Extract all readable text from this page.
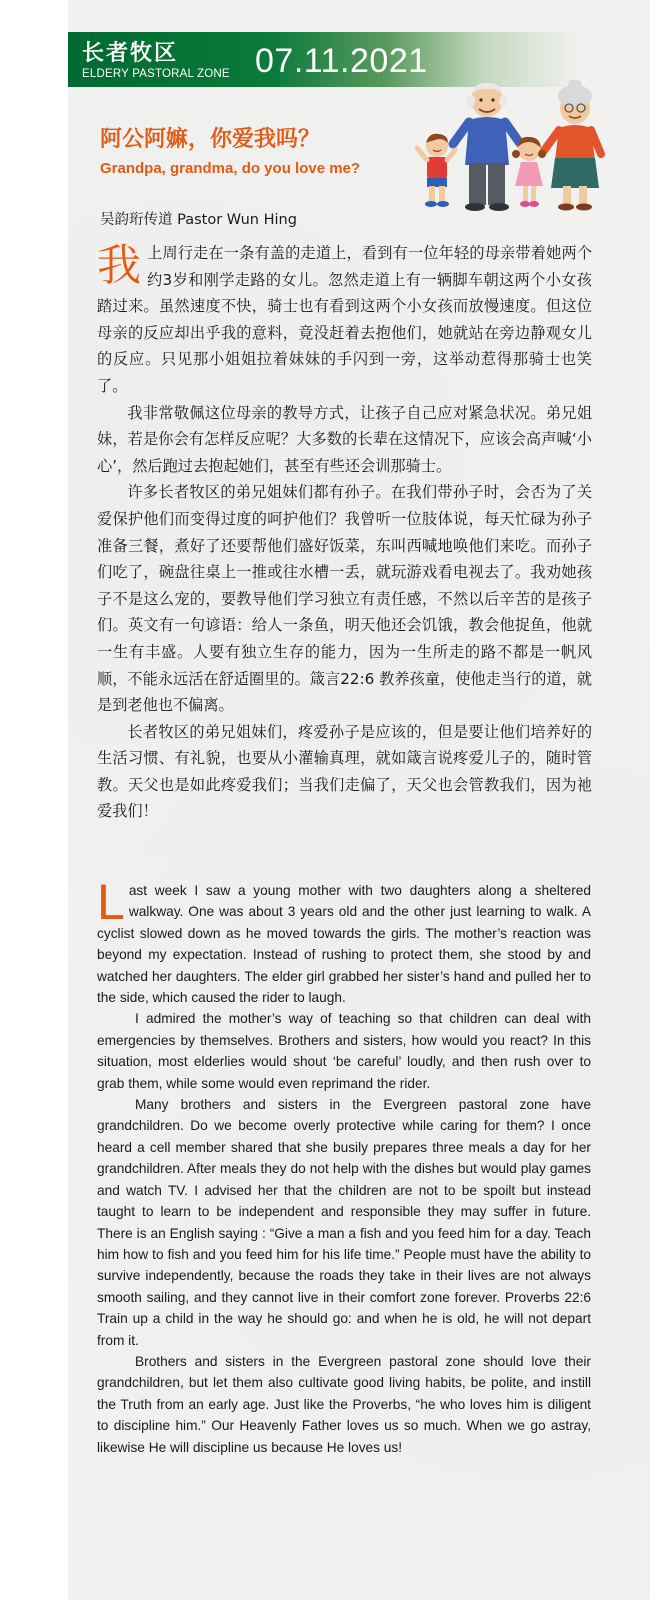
长者牧区
ELDERY PASTORAL ZONE 07.11.2021
阿公阿嫲，你爱我吗？
Grandpa, grandma, do you love me?
吴韵珩传道 Pastor Wun Hing

我上周行走在一条有盖的走道上，看到有一位年轻的母亲带着她两个约3岁和刚学走路的女儿。忽然走道上有一辆脚车朝这两个小女孩踏过来。虽然速度不快，骑士也有看到这两个小女孩而放慢速度。但这位母亲的反应却出乎我的意料，竟没赶着去抱他们，她就站在旁边静观女儿的反应。只见那小姐姐拉着妹妹的手闪到一旁，这举动惹得那骑士也笑了。

我非常敬佩这位母亲的教导方式，让孩子自己应对紧急状况。弟兄姐妹，若是你会有怎样反应呢？大多数的长辈在这情况下，应该会高声喊‘小心’，然后跑过去抱起她们，甚至有些还会训那骑士。

许多长者牧区的弟兄姐妹们都有孙子。在我们带孙子时，会否为了关爱保护他们而变得过度的呵护他们？我曾听一位肢体说，每天忙碌为孙子准备三餐，煮好了还要帮他们盛好饭菜，东叫西喊地唤他们来吃。而孙子们吃了，碗盘往桌上一推或往水槽一丢，就玩游戏看电视去了。我劝她孩子不是这么宠的，要教导他们学习独立有责任感，不然以后辛苦的是孩子们。英文有一句谚语：给人一条鱼，明天他还会饥饿，教会他捉鱼，他就一生有丰盛。人要有独立生存的能力，因为一生所走的路不都是一帆风顺，不能永远活在舒适圈里的。箴言22:6 教养孩童，使他走当行的道，就是到老他也不偏离。

长者牧区的弟兄姐妹们，疼爱孙子是应该的，但是要让他们培养好的生活习惯、有礼貌，也要从小灌输真理，就如箴言说疼爱儿子的，随时管教。天父也是如此疼爱我们；当我们走偏了，天父也会管教我们，因为祂爱我们！

Last week I saw a young mother with two daughters along a sheltered walkway. One was about 3 years old and the other just learning to walk. A cyclist slowed down as he moved towards the girls. The mother’s reaction was beyond my expectation. Instead of rushing to protect them, she stood by and watched her daughters. The elder girl grabbed her sister’s hand and pulled her to the side, which caused the rider to laugh.

I admired the mother’s way of teaching so that children can deal with emergencies by themselves. Brothers and sisters, how would you react? In this situation, most elderlies would shout ‘be careful’ loudly, and then rush over to grab them, while some would even reprimand the rider.

Many brothers and sisters in the Evergreen pastoral zone have grandchildren. Do we become overly protective while caring for them? I once heard a cell member shared that she busily prepares three meals a day for her grandchildren. After meals they do not help with the dishes but would play games and watch TV. I advised her that the children are not to be spoilt but instead taught to learn to be independent and responsible they may suffer in future. There is an English saying : “Give a man a fish and you feed him for a day. Teach him how to fish and you feed him for his life time.” People must have the ability to survive independently, because the roads they take in their lives are not always smooth sailing, and they cannot live in their comfort zone forever. Proverbs 22:6 Train up a child in the way he should go: and when he is old, he will not depart from it.

Brothers and sisters in the Evergreen pastoral zone should love their grandchildren, but let them also cultivate good living habits, be polite, and instill the Truth from an early age. Just like the Proverbs, “he who loves him is diligent to discipline him.” Our Heavenly Father loves us so much. When we go astray, likewise He will discipline us because He loves us!
